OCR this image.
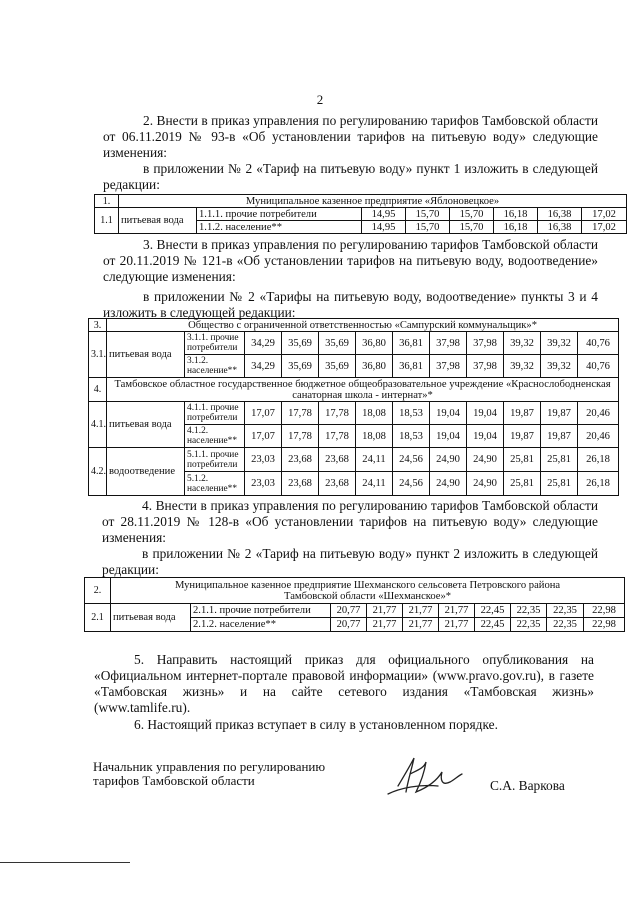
2
2. Внести в приказ управления по регулированию тарифов Тамбовской области от 06.11.2019 № 93-в «Об установлении тарифов на питьевую воду» следующие изменения:
в приложении № 2 «Тариф на питьевую воду» пункт 1 изложить в следующей редакции:
1.	Муниципальное казенное предприятие «Яблоновецкое»							
1.1	питьевая вода	1.1.1. прочие потребители	14,95	15,70	15,70	16,18	16,38	17,02
		1.1.2. население**	14,95	15,70	15,70	16,18	16,38	17,02
3. Внести в приказ управления по регулированию тарифов Тамбовской области от 20.11.2019 № 121-в «Об установлении тарифов на питьевую воду, водоотведение» следующие изменения:
в приложении № 2 «Тарифы на питьевую воду, водоотведение» пункты 3 и 4 изложить в следующей редакции:
3.	Общество с ограниченной ответственностью «Сампурский коммунальщик»*											
3.1.	питьевая вода	3.1.1. прочие потребители	34,29	35,69	35,69	36,80	36,81	37,98	37,98	39,32	39,32	40,76
		3.1.2. население**	34,29	35,69	35,69	36,80	36,81	37,98	37,98	39,32	39,32	40,76
4.	Тамбовское областное государственное бюджетное общеобразовательное учреждение «Краснослободненская санаторная школа - интернат»*											
4.1.	питьевая вода	4.1.1. прочие потребители	17,07	17,78	17,78	18,08	18,53	19,04	19,04	19,87	19,87	20,46
		4.1.2. население**	17,07	17,78	17,78	18,08	18,53	19,04	19,04	19,87	19,87	20,46
4.2.	водоотведение	5.1.1. прочие потребители	23,03	23,68	23,68	24,11	24,56	24,90	24,90	25,81	25,81	26,18
		5.1.2. население**	23,03	23,68	23,68	24,11	24,56	24,90	24,90	25,81	25,81	26,18
4. Внести в приказ управления по регулированию тарифов Тамбовской области от 28.11.2019 № 128-в «Об установлении тарифов на питьевую воду» следующие изменения:
в приложении № 2 «Тариф на питьевую воду» пункт 2 изложить в следующей редакции:
2.	Муниципальное казенное предприятие Шехманского сельсовета Петровского района Тамбовской области «Шехманское»*									
2.1	питьевая вода	2.1.1. прочие потребители	20,77	21,77	21,77	21,77	22,45	22,35	22,35	22,98
		2.1.2. население**	20,77	21,77	21,77	21,77	22,45	22,35	22,35	22,98
5. Направить настоящий приказ для официального опубликования на «Официальном интернет-портале правовой информации» (www.pravo.gov.ru), в газете «Тамбовская жизнь» и на сайте сетевого издания «Тамбовская жизнь» (www.tamlife.ru).
6. Настоящий приказ вступает в силу в установленном порядке.
Начальник управления по регулированию
тарифов Тамбовской области	С.А. Варкова
